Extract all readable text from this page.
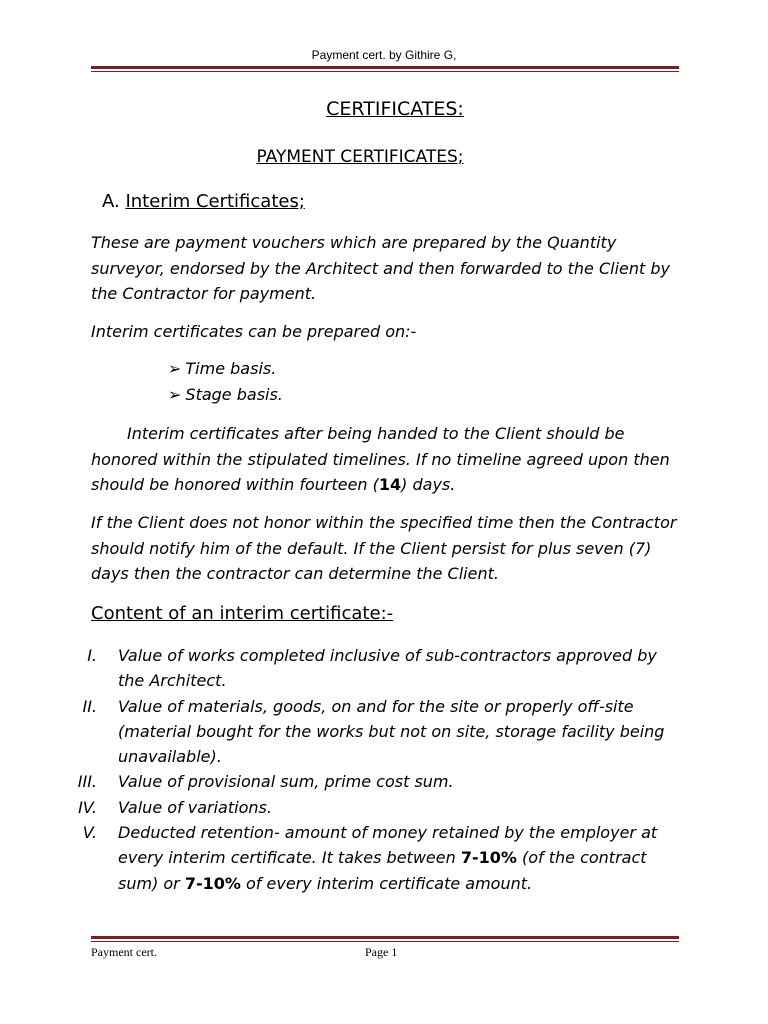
Payment cert. by Githire G,
CERTIFICATES:
PAYMENT CERTIFICATES;
A. Interim Certificates;
These are payment vouchers which are prepared by the Quantity surveyor, endorsed by the Architect and then forwarded to the Client by the Contractor for payment.
Interim certificates can be prepared on:-
➢ Time basis.
➢ Stage basis.
Interim certificates after being handed to the Client should be honored within the stipulated timelines. If no timeline agreed upon then should be honored within fourteen (14) days.
If the Client does not honor within the specified time then the Contractor should notify him of the default. If the Client persist for plus seven (7) days then the contractor can determine the Client.
Content of an interim certificate:-
I. Value of works completed inclusive of sub-contractors approved by the Architect.
II. Value of materials, goods, on and for the site or properly off-site (material bought for the works but not on site, storage facility being unavailable).
III. Value of provisional sum, prime cost sum.
IV. Value of variations.
V. Deducted retention- amount of money retained by the employer at every interim certificate. It takes between 7-10% (of the contract sum) or 7-10% of every interim certificate amount.
Payment cert.	Page 1
